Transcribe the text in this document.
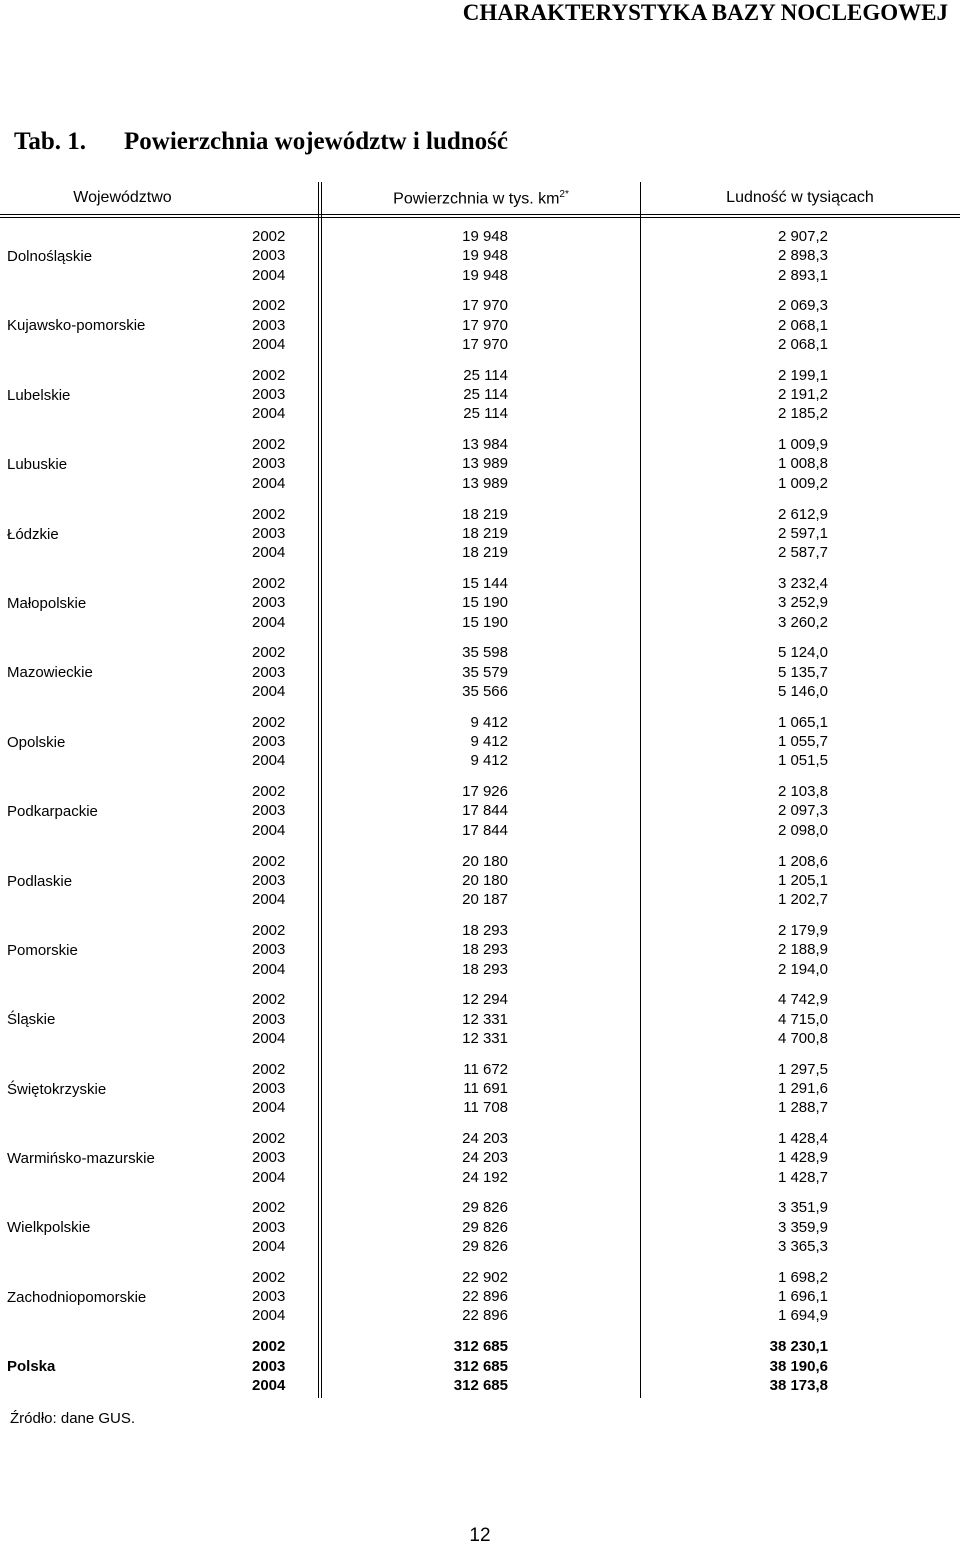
CHARAKTERYSTYKA BAZY NOCLEGOWEJ
Tab. 1. Powierzchnia województw i ludność
Województwo	Powierzchnia w tys. $km^{2*}$	Ludność w tysiącach
Dolnośląskie
2002	19 948	2 907,2
2003	19 948	2 898,3
2004	19 948	2 893,1
Kujawsko-pomorskie
2002	17 970	2 069,3
2003	17 970	2 068,1
2004	17 970	2 068,1
Lubelskie
2002	25 114	2 199,1
2003	25 114	2 191,2
2004	25 114	2 185,2
Lubuskie
2002	13 984	1 009,9
2003	13 989	1 008,8
2004	13 989	1 009,2
Łódzkie
2002	18 219	2 612,9
2003	18 219	2 597,1
2004	18 219	2 587,7
Małopolskie
2002	15 144	3 232,4
2003	15 190	3 252,9
2004	15 190	3 260,2
Mazowieckie
2002	35 598	5 124,0
2003	35 579	5 135,7
2004	35 566	5 146,0
Opolskie
2002	9 412	1 065,1
2003	9 412	1 055,7
2004	9 412	1 051,5
Podkarpackie
2002	17 926	2 103,8
2003	17 844	2 097,3
2004	17 844	2 098,0
Podlaskie
2002	20 180	1 208,6
2003	20 180	1 205,1
2004	20 187	1 202,7
Pomorskie
2002	18 293	2 179,9
2003	18 293	2 188,9
2004	18 293	2 194,0
Śląskie
2002	12 294	4 742,9
2003	12 331	4 715,0
2004	12 331	4 700,8
Świętokrzyskie
2002	11 672	1 297,5
2003	11 691	1 291,6
2004	11 708	1 288,7
Warmińsko-mazurskie
2002	24 203	1 428,4
2003	24 203	1 428,9
2004	24 192	1 428,7
Wielkpolskie
2002	29 826	3 351,9
2003	29 826	3 359,9
2004	29 826	3 365,3
Zachodniopomorskie
2002	22 902	1 698,2
2003	22 896	1 696,1
2004	22 896	1 694,9
Polska
2002	312 685	38 230,1
2003	312 685	38 190,6
2004	312 685	38 173,8
Źródło: dane GUS.
12
